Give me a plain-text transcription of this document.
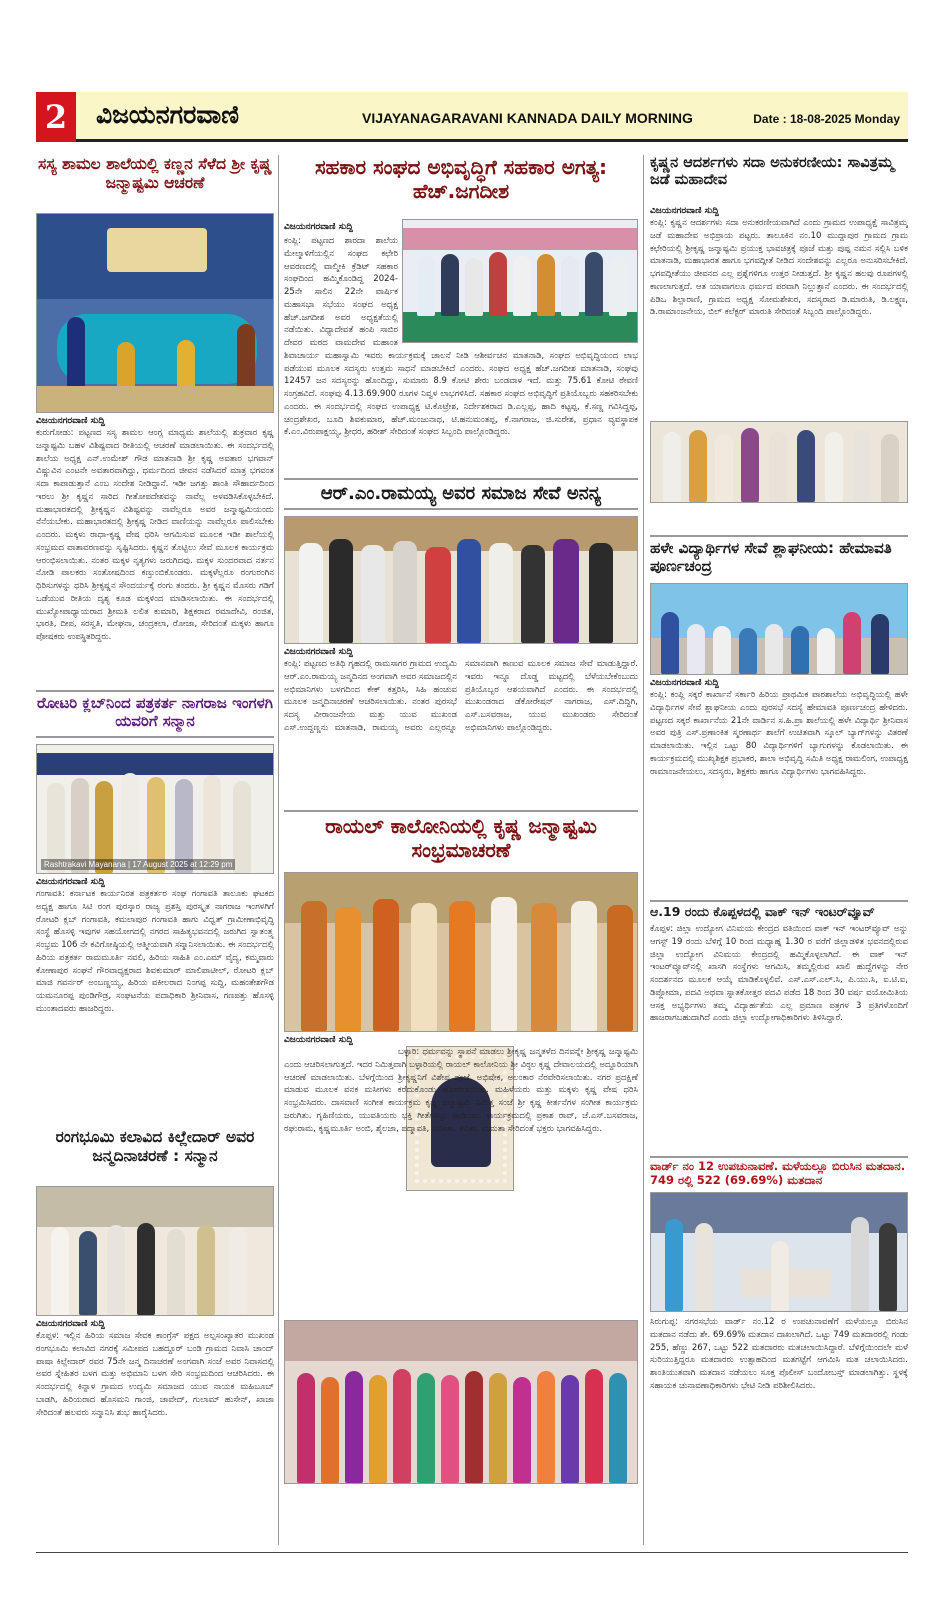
2	ವಿಜಯನಗರವಾಣಿ	VIJAYANAGARAVANI KANNADA DAILY MORNING	Date : 18-08-2025 Monday
ಸಸ್ಯ ಶಾಮಲ ಶಾಲೆಯಲ್ಲಿ ಕಣ್ಣನ ಸೆಳೆದ ಶ್ರೀ ಕೃಷ್ಣ ಜನ್ಮಾಷ್ಟಮಿ ಆಚರಣೆ
ವಿಜಯನಗರವಾಣಿ ಸುದ್ದಿ
ಕುರುಗೋಡು: ಪಟ್ಟಣದ ಸಸ್ಯ ಶಾಮಲ ಆಂಗ್ಲ ಮಾಧ್ಯಮ ಶಾಲೆಯಲ್ಲಿ ಶುಕ್ರವಾರ ಕೃಷ್ಣ ಜನ್ಮಾಷ್ಟಮಿ ಬಹಳ ವಿಶಿಷ್ಟವಾದ ರೀತಿಯಲ್ಲಿ ಆಚರಣೆ ಮಾಡಲಾಯಿತು. ಈ ಸಂದರ್ಭದಲ್ಲಿ ಶಾಲೆಯ ಅಧ್ಯಕ್ಷ ಎನ್.ಉಮೇಶ್ ಗೌಡ ಮಾತನಾಡಿ ಶ್ರೀ ಕೃಷ್ಣ ಅವತಾರ ಭಗವಾನ್ ವಿಷ್ಣುವಿನ ಎಂಟನೇ ಅವತಾರವಾಗಿದ್ದು, ಧರ್ಮದಿಂದ ಜೀವನ ನಡೆಸಿದರೆ ಮಾತ್ರ ಭಗವಂತ ಸದಾ ಕಾಪಾಡುತ್ತಾನೆ ಎಂಬ ಸಂದೇಶ ನೀಡಿದ್ದಾನೆ. ಇಡೀ ಜಗತ್ತು ಶಾಂತಿ ಸೌಹಾರ್ದದಿಂದ ಇರಲು ಶ್ರೀ ಕೃಷ್ಣನ ಸಾರಿದ ಗೀತೋಪದೇಶವನ್ನು ನಾವೆಲ್ಲ ಅಳವಡಿಸಿಕೊಳ್ಳಬೇಕಿದೆ. ಮಹಾಭಾರತದಲ್ಲಿ ಶ್ರೀಕೃಷ್ಣನ ವಿಶಿಷ್ಟವನ್ನು ನಾವೆಲ್ಲರೂ ಅವರ ಜನ್ಮಾಷ್ಟಮಿಯಂದು ನೆನೆಯಬೇಕು. ಮಹಾಭಾರತದಲ್ಲಿ ಶ್ರೀಕೃಷ್ಣ ನೀಡಿದ ವಾಣಿಯನ್ನು ನಾವೆಲ್ಲರೂ ಪಾಲಿಸಬೇಕು ಎಂದರು. ಮಕ್ಕಳು ರಾಧಾ-ಕೃಷ್ಣ ವೇಷ ಧರಿಸಿ ಆಗಮಿಸುವ ಮೂಲಕ ಇಡೀ ಶಾಲೆಯಲ್ಲಿ ಸಂಭ್ರಮದ ವಾತಾವರಣವನ್ನು ಸೃಷ್ಟಿಸಿದರು. ಕೃಷ್ಣನ ತೊಟ್ಟಿಲು ಸೇವೆ ಮೂಲಕ ಕಾರ್ಯಕ್ರಮ ಆರಂಭಿಸಲಾಯಿತು. ನಂತರ ಮಕ್ಕಳ ನೃತ್ಯಗಳು ಜರುಗಿದವು. ಮಕ್ಕಳ ಸುಂದರವಾದ ನರ್ತನ ನೋಡಿ ಪಾಲಕರು ಸಂತೋಷದಿಂದ ಕಣ್ತುಂಬಿಕೊಂಡರು. ಮಕ್ಕಳೆಲ್ಲರೂ ರಂಗುರಂಗಿನ ಧಿರಿಸುಗಳನ್ನು ಧರಿಸಿ ಶ್ರೀಕೃಷ್ಣನ ಸೌಂದರ್ಯಕ್ಕೆ ರಂಗು ತಂದರು. ಶ್ರೀ ಕೃಷ್ಣನ ಮೊಸರು ಗಡಿಗೆ ಒಡೆಯುವ ರೀತಿಯ ದೃಶ್ಯ ಕೂಡ ಮಕ್ಕಳಿಂದ ಮಾಡಿಸಲಾಯಿತು. ಈ ಸಂದರ್ಭದಲ್ಲಿ ಮುಖ್ಯೋಪಾಧ್ಯಾಯರಾದ ಶ್ರೀಮತಿ ಲಲಿತ ಕುಮಾರಿ, ಶಿಕ್ಷಕರಾದ ರಮಾದೇವಿ, ರಂಜಿತ, ಭಾರತಿ, ದೀಪ, ಸರಸ್ವತಿ, ಮೇಘನಾ, ಚಂದ್ರಕಲಾ, ರೋಜಾ, ಸೇರಿದಂತೆ ಮಕ್ಕಳು ಹಾಗೂ ಪೋಷಕರು ಉಪಸ್ಥಿತರಿದ್ದರು.
ರೋಟರಿ ಕ್ಲಬ್‌ನಿಂದ ಪತ್ರಕರ್ತ ನಾಗರಾಜ ಇಂಗಳಗಿ ಯವರಿಗೆ ಸನ್ಮಾನ
Rashtrakavi Mayanana | 17 August 2025 at 12:29 pm
ವಿಜಯನಗರವಾಣಿ ಸುದ್ದಿ
ಗಂಗಾವತಿ: ಕರ್ನಾಟಕ ಕಾರ್ಯನಿರತ ಪತ್ರಕರ್ತರ ಸಂಘ ಗಂಗಾವತಿ ತಾಲೂಕು ಘಟಕದ ಅಧ್ಯಕ್ಷ ಹಾಗೂ ಸಿಟಿ ರಂಗ ಪುರಸ್ಕಾರ ರಾಜ್ಯ ಪ್ರಶಸ್ತಿ ಪುರಸ್ಕೃತ ನಾಗರಾಜ ಇಂಗಳಗಿಗೆ ರೋಟರಿ ಕ್ಲಬ್ ಗಂಗಾವತಿ, ಕಮಲಾಪುರ ಗಂಗಾವತಿ ಹಾಗು ವಿಧ್ವತ್ ಗ್ರಾಮೀಣಾಭಿವೃದ್ಧಿ ಸಂಸ್ಥೆ ಹೊಸಳ್ಳಿ ಇವುಗಳ ಸಹಯೋಗದಲ್ಲಿ ನಗರದ ಸಾಹಿತ್ಯಭವನದಲ್ಲಿ ಜರುಗಿದ ಸ್ವಾತಂತ್ರ್ಯ ಸಂಭ್ರಮ 106 ನೇ ಕವಿಗೋಷ್ಠಿಯಲ್ಲಿ ಆತ್ಮೀಯವಾಗಿ ಸನ್ಮಾನಿಸಲಾಯಿತು. ಈ ಸಂದರ್ಭದಲ್ಲಿ ಹಿರಿಯ ಪತ್ರಕರ್ತ ರಾಮಮೂರ್ತಿ ನವಲಿ, ಹಿರಿಯ ಸಾಹಿತಿ ಎಂ.ಎಮ್ ವೈದ್ಯ, ಕಮ್ಮವಾರು ಕೋಣಾಪುರ ಸಂಘನೆ ಗೌರವಾಧ್ಯಕ್ಷರಾದ ಶಿವಕುಮಾರ್ ಮಾಲಿಪಾಟೀಲ್, ರೋಟರಿ ಕ್ಲಬ್ ಮಾಜಿ ಗವರ್ನರ್ ಅಂಬಣ್ಣಯ್ಯ, ಹಿರಿಯ ವಕೀಲರಾದ ನಿಂಗಪ್ಪ ಸುದ್ದಿ, ಮಹಂತೇಶಗೌಡ ಯಮನೂರಪ್ಪ ಪುಂಡಿಗೌಡ್ರ, ಸಂಘಟನೆಯ ಪದಾಧಿಕಾರಿ ಶ್ರೀನಿವಾಸ, ಗಣಪತ್ತು ಹೊಸಳ್ಳಿ ಮುಂತಾದವರು ಹಾಜರಿದ್ದರು.
ರಂಗಭೂಮಿ ಕಲಾವಿದ ಕಿಲ್ಲೇದಾರ್ ಅವರ ಜನ್ಮದಿನಾಚರಣೆ : ಸನ್ಮಾನ
ವಿಜಯನಗರವಾಣಿ ಸುದ್ದಿ
ಕೊಪ್ಪಳ: ಇಲ್ಲಿನ ಹಿರಿಯ ಸಮಾಜ ಸೇವಕ ಕಾಂಗ್ರೆಸ್ ಪಕ್ಷದ ಅಲ್ಪಸಂಖ್ಯಾತರ ಮುಖಂಡ ರಂಗಭೂಮಿ ಕಲಾವಿದ ನಗರಕ್ಕೆ ಸಮೀಪದ ಬಹದ್ದೂರ್ ಬಂಡಿ ಗ್ರಾಮದ ನಿವಾಸಿ ಚಾಂದ್ ಪಾಷಾ ಕಿಲ್ಲೇದಾರ್ ರವರ 75ನೇ ಜನ್ಮ ದಿನಾಚರಣೆ ಅಂಗವಾಗಿ ಸಂಜೆ ಅವರ ನಿವಾಸದಲ್ಲಿ ಅವರ ಸ್ನೇಹಿತರ ಬಳಗ ಮತ್ತು ಅಭಿಮಾನಿ ಬಳಗ ಸೇರಿ ಸಂಭ್ರಮದಿಂದ ಆಚರಿಸಿದರು. ಈ ಸಂದರ್ಭದಲ್ಲಿ ಕಿನ್ನಾಳ ಗ್ರಾಮದ ಉದ್ಯಮಿ ಸಮಾಜದ ಯುವ ನಾಯಕ ಮಹಿಬೂಬ್ ಬಾಡಗಿ, ಹಿರಿಯರಾದ ಹೊಸಮನಿ ಗಾಂಜಿ, ಜಾವೇದ್, ಗುಲಾಮ್ ಹುಸೇನ್, ಖಾಜಾ ಸೇರಿದಂತೆ ಹಲವರು ಸನ್ಮಾನಿಸಿ ಶುಭ ಹಾರೈಸಿದರು.
ಸಹಕಾರ ಸಂಘದ ಅಭಿವೃದ್ಧಿಗೆ ಸಹಕಾರ ಅಗತ್ಯ: ಹೆಚ್.ಜಗದೀಶ
ವಿಜಯನಗರವಾಣಿ ಸುದ್ದಿ
ಕಂಪ್ಲಿ: ಪಟ್ಟಣದ ಶಾರದಾ ಶಾಲೆಯ ಮೇಲ್ಮಾಳಿಗೆಯಲ್ಲಿನ ಸಂಘದ ಕಛೇರಿ ಆವರಣದಲ್ಲಿ ವಾಲ್ಮೀಕಿ ಕ್ರೆಡಿಟ್ ಸಹಕಾರ ಸಂಘದಿಂದ ಹಮ್ಮಿಕೊಂಡಿದ್ದ 2024-25ನೇ ಸಾಲಿನ 22ನೇ ವಾರ್ಷಿಕ ಮಹಾಸಭಾ ಸಭೆಯು ಸಂಘದ ಅಧ್ಯಕ್ಷ ಹೆಚ್.ಜಗದೀಶ ಅವರ ಅಧ್ಯಕ್ಷತೆಯಲ್ಲಿ ನಡೆಯಿತು. ವಿಧ್ಯಾದೇವತೆ ಹಂಪಿ ಸಾಬಿರ ದೇವರ ಮಠದ ವಾಮದೇವ ಮಹಾಂತ ಶಿವಾಚಾರ್ಯ ಮಹಾಸ್ವಾಮಿ ಇವರು ಕಾರ್ಯಕ್ರಮಕ್ಕೆ ಚಾಲನೆ ನೀಡಿ ಆಶೀರ್ವಚನ ಮಾತನಾಡಿ, ಸಂಘದ ಅಭಿವೃದ್ಧಿಯಂದ ಲಾಭ ಪಡೆಯುವ ಮೂಲಕ ಸದಸ್ಯರು ಉತ್ತಮ ಸಾಧನೆ ಮಾಡಬೇಕಿದೆ ಎಂದರು. ಸಂಘದ ಅಧ್ಯಕ್ಷ ಹೆಚ್.ಜಗದೀಶ ಮಾತನಾಡಿ, ಸಂಘವು 12457 ಜನ ಸದಸ್ಯರನ್ನು ಹೊಂದಿದ್ದು, ಸುಮಾರು 8.9 ಕೋಟಿ ಶೇರು ಬಂಡವಾಳ ಇದೆ. ಮತ್ತು 75.61 ಕೋಟಿ ಠೇವಣಿ ಸಂಗ್ರಹವಿದೆ. ಸಂಘವು 4.13.69.900 ರೂಗಳ ನಿವ್ವಳ ಲಾಭಗಳಿಸಿದೆ. ಸಹಕಾರ ಸಂಘದ ಅಭಿವೃದ್ಧಿಗೆ ಪ್ರತಿಯೊಬ್ಬರು ಸಹಕರಿಸಬೇಕು ಎಂದರು. ಈ ಸಂದರ್ಭದಲ್ಲಿ ಸಂಘದ ಉಪಾಧ್ಯಕ್ಷ ಟಿ.ಕೊಟ್ರೇಶ, ನಿರ್ದೇಶಕರಾದ ಡಿ.ಎಲ್ಲಪ್ಪ, ಹಾದಿ ಕಟ್ಟಪ್ಪ, ಕೆ.ಸಣ್ಣ ಗವಿಸಿದ್ದಪ್ಪ, ಚಂದ್ರಶೇಖರ, ಬೂದಿ ಶಿವಕುಮಾರ, ಹೆಚ್.ಮಂಜುನಾಥ, ಟಿ.ಹನುಮಂತಪ್ಪ, ಕೆ.ನಾಗರಾಜ, ಜಿ.ಸುರೇಶ, ಪ್ರಧಾನ ವ್ಯವಸ್ಥಾಪಕ ಕೆ.ಎಂ.ವಿರುಪಾಕ್ಷಯ್ಯ, ಶ್ರೀಧರ, ಹರೀಶ್ ಸೇರಿದಂತೆ ಸಂಘದ ಸಿಬ್ಬಂದಿ ಪಾಲ್ಗೊಂಡಿದ್ದರು.
ಆರ್.ಎಂ.ರಾಮಯ್ಯ ಅವರ ಸಮಾಜ ಸೇವೆ ಅನನ್ಯ
ವಿಜಯನಗರವಾಣಿ ಸುದ್ದಿ
ಕಂಪ್ಲಿ: ಪಟ್ಟಣದ ಅತಿಥಿ ಗೃಹದಲ್ಲಿ ರಾಮಸಾಗರ ಗ್ರಾಮದ ಉದ್ಯಮಿ ಆರ್.ಎಂ.ರಾಮಯ್ಯ ಜನ್ಮದಿನದ ಅಂಗವಾಗಿ ಅವರ ಸಮಾಜದಲ್ಲಿನ ಅಭಿಮಾನಿಗಳು ಬಳಗದಿಂದ ಕೇಕ್ ಕತ್ತರಿಸಿ, ಸಿಹಿ ಹಂಚುವ ಮೂಲಕ ಜನ್ಮದಿನಾಚರಣೆ ಆಚರಿಸಲಾಯಿತು. ನಂತರ ಪುರಸಭೆ ಸದಸ್ಯ ವೀರಾಂಜನೇಯ ಮತ್ತು ಯುವ ಮುಖಂಡ ಎಸ್.ಉದ್ದಣ್ಣನು ಮಾತನಾಡಿ, ರಾಮಯ್ಯ ಅವರು ಎಲ್ಲರನ್ನೂ ಸಮಾನವಾಗಿ ಕಾಣುವ ಮೂಲಕ ಸಮಾಜ ಸೇವೆ ಮಾಡುತ್ತಿದ್ದಾರೆ. ಇವರು ಇನ್ನೂ ದೊಡ್ಡ ಮಟ್ಟದಲ್ಲಿ ಬೆಳೆಯಬೇಕೆಂಬುದು ಪ್ರತಿಯೊಬ್ಬರ ಆಶಯವಾಗಿದೆ ಎಂದರು. ಈ ಸಂದರ್ಭದಲ್ಲಿ ಮುಖಂಡರಾದ ಡೆಕೋರೇಷನ್ ನಾಗರಾಜ, ಎಸ್.ದಿದ್ದಿಗಿ, ಎಸ್.ಬಸವರಾಜ, ಯುವ ಮುಖಂಡರು ಸೇರಿದಂತೆ ಅಭಿಮಾನಿಗಳು ಪಾಲ್ಗೊಂಡಿದ್ದರು.
ರಾಯಲ್ ಕಾಲೋನಿಯಲ್ಲಿ ಕೃಷ್ಣ ಜನ್ಮಾಷ್ಟಮಿ ಸಂಭ್ರಮಾಚರಣೆ
ವಿಜಯನಗರವಾಣಿ ಸುದ್ದಿ
ಬಳ್ಳಾರಿ: ಧರ್ಮವನ್ನು ಸ್ಥಾಪನೆ ಮಾಡಲು ಶ್ರೀಕೃಷ್ಣ ಜನ್ಮತಳೆದ ದಿನವನ್ನೇ ಶ್ರೀಕೃಷ್ಣ ಜನ್ಮಾಷ್ಟಮಿ ಎಂದು ಆಚರಿಸಲಾಗುತ್ತದೆ. ಇದರ ನಿಮಿತ್ತವಾಗಿ ಬಳ್ಳಾರಿಯಲ್ಲಿ ರಾಯಲ್ ಕಾಲೋನಿಯ ಶ್ರೀ ವಿಠ್ಠಲ ಕೃಷ್ಣ ದೇವಾಲಯದಲ್ಲಿ ಅದ್ದೂರಿಯಾಗಿ ಆಚರಣೆ ಮಾಡಲಾಯಿತು. ಬೆಳಗ್ಗೆಯಿಂದ ಶ್ರೀಕೃಷ್ಣನಿಗೆ ವಿಶೇಷ ಪೂಜೆ, ಅಭಿಷೇಕ, ಅಲಂಕಾರ ನೆರವೇರಿಸಲಾಯಿತು. ನಗರ ಪ್ರದಕ್ಷಿಣೆ ಮಾಡುವ ಮೂಲಕ ವನಕ ಮಸೀಗಳು ಕರೆದುಕೊಂಡು ಹೋಗಲಾಯಿತು. ಮಹಿಳೆಯರು ಮತ್ತು ಮಕ್ಕಳು ಕೃಷ್ಣ ವೇಷ ಧರಿಸಿ ಸಂಭ್ರಮಿಸಿದರು. ದಾಸವಾಣಿ ಸಂಗೀತ ಕಾರ್ಯಕ್ರಮ ಕೃಷ್ಣ ಜನ್ಮಾಷ್ಟಮಿ ನಿಮಿತ್ತ ಸಂಜೆ ಶ್ರೀ ಕೃಷ್ಣ ಕೀರ್ತನೆಗಳ ಸಂಗೀತ ಕಾರ್ಯಕ್ರಮ ಜರುಗಿತು. ಗೃಹಿಣಿಯರು, ಯುವತಿಯರು ಭಕ್ತಿ ಗೀತೆಗಳನ್ನು ಹಾಡಿದರು. ಕಾರ್ಯಕ್ರಮದಲ್ಲಿ ಪ್ರಕಾಶ ರಾವ್, ಜೆ.ಎಸ್.ಬಸವರಾಜ, ರಘುರಾಮ, ಕೃಷ್ಣಮೂರ್ತಿ ಅಂಬಿ, ಶೈಲಜಾ, ಪದ್ಮಾವತಿ, ಸುನೀತಾ, ಕವಿತಾ, ಮಮತಾ ಸೇರಿದಂತೆ ಭಕ್ತರು ಭಾಗವಹಿಸಿದ್ದರು.
ಕೃಷ್ಣನ ಆದರ್ಶಗಳು ಸದಾ ಅನುಕರಣೀಯ: ಸಾವಿತ್ರಮ್ಮ ಜಡೆ ಮಹಾದೇವ
ವಿಜಯನಗರವಾಣಿ ಸುದ್ದಿ
ಕಂಪ್ಲಿ: ಕೃಷ್ಣನ ಆದರ್ಶಗಳು ಸದಾ ಅನುಕರಣೀಯವಾಗಿದೆ ಎಂದು ಗ್ರಾಮದ ಉಪಾಧ್ಯಕ್ಷೆ ಸಾವಿತ್ರಮ್ಮ ಜಡೆ ಮಹಾದೇವ ಅಭಿಪ್ರಾಯ ಪಟ್ಟರು. ತಾಲೂಕಿನ ನಂ.10 ಮುದ್ದಾಪುರ ಗ್ರಾಮದ ಗ್ರಾಮ ಕಛೇರಿಯಲ್ಲಿ ಶ್ರೀಕೃಷ್ಣ ಜನ್ಮಾಷ್ಟಮಿ ಪ್ರಯುಕ್ತ ಭಾವಚಿತ್ರಕ್ಕೆ ಪೂಜೆ ಮತ್ತು ಪುಷ್ಪ ನಮನ ಸಲ್ಲಿಸಿ ಬಳಿಕ ಮಾತನಾಡಿ, ಮಹಾಭಾರತ ಹಾಗೂ ಭಗವದ್ಗೀತೆ ನೀಡಿದ ಸಂದೇಶವನ್ನು ಎಲ್ಲರೂ ಅನುಸರಿಸಬೇಕಿದೆ. ಭಗವದ್ಗೀತೆಯು ಜೀವನದ ಎಲ್ಲ ಪ್ರಶ್ನೆಗಳಿಗೂ ಉತ್ತರ ನೀಡುತ್ತದೆ. ಶ್ರೀ ಕೃಷ್ಣನ ಹಲವು ರೂಪಗಳಲ್ಲಿ ಕಾಣಲಾಗುತ್ತದೆ. ಆತ ಯಾವಾಗಲೂ ಧರ್ಮದ ಪರವಾಗಿ ನಿಲ್ಲುತ್ತಾನೆ ಎಂದರು. ಈ ಸಂದರ್ಭದಲ್ಲಿ ಪಿಡಿಒ ಶಿಲ್ಪಾರಾಣಿ, ಗ್ರಾಮದ ಅಧ್ಯಕ್ಷ ಸೋಮಶೇಖರ, ಸದಸ್ಯರಾದ ಡಿ.ಮಾರುತಿ, ಡಿ.ಲಕ್ಷ್ಮಣ, ಡಿ.ರಾಮಾಂಜನೇಯ, ಬಿಲ್ ಕಲೆಕ್ಟರ್ ಮಾರುತಿ ಸೇರಿದಂತೆ ಸಿಬ್ಬಂದಿ ಪಾಲ್ಗೊಂಡಿದ್ದರು.
ಹಳೇ ವಿದ್ಯಾರ್ಥಿಗಳ ಸೇವೆ ಶ್ಲಾಘನೀಯ: ಹೇಮಾವತಿ ಪೂರ್ಣಚಂದ್ರ
ವಿಜಯನಗರವಾಣಿ ಸುದ್ದಿ
ಕಂಪ್ಲಿ: ಕಂಪ್ಲಿ ಸಕ್ಕರೆ ಕಾರ್ಖಾನೆ ಸರ್ಕಾರಿ ಹಿರಿಯ ಪ್ರಾಥಮಿಕ ಪಾಠಶಾಲೆಯ ಅಭಿವೃದ್ಧಿಯಲ್ಲಿ ಹಳೇ ವಿದ್ಯಾರ್ಥಿಗಳ ಸೇವೆ ಶ್ಲಾಘನೀಯ ಎಂದು ಪುರಸಭೆ ಸದಸ್ಯೆ ಹೇಮಾವತಿ ಪೂರ್ಣಚಂದ್ರ ಹೇಳಿದರು. ಪಟ್ಟಣದ ಸಕ್ಕರೆ ಕಾರ್ಖಾನೆಯ 21ನೇ ವಾರ್ಡಿನ ಸ.ಹಿ.ಪ್ರಾ ಶಾಲೆಯಲ್ಲಿ ಹಳೇ ವಿದ್ಯಾರ್ಥಿ ಶ್ರೀನಿವಾಸ ಅವರ ಪುತ್ರಿ ಎಸ್.ಪ್ರಣಾಂಕಿತ ಸ್ಮರಣಾರ್ಥ ಶಾಲೆಗೆ ಉಚಿತವಾಗಿ ಸ್ಕೂಲ್ ಬ್ಯಾಗ್‌ಗಳನ್ನು ವಿತರಣೆ ಮಾಡಲಾಯಿತು. ಇಲ್ಲಿನ ಒಟ್ಟು 80 ವಿದ್ಯಾರ್ಥಿಗಳಿಗೆ ಬ್ಯಾಗುಗಳನ್ನು ಕೊಡಲಾಯಿತು. ಈ ಕಾರ್ಯಕ್ರಮದಲ್ಲಿ ಮುಖ್ಯಶಿಕ್ಷಕ ಪ್ರಭಾಕರ, ಶಾಲಾ ಅಭಿವೃದ್ಧಿ ಸಮಿತಿ ಅಧ್ಯಕ್ಷ ರಾಮಲಿಂಗ, ಉಪಾಧ್ಯಕ್ಷ ರಾಮಾಂಜನೇಯಲು, ಸದಸ್ಯರು, ಶಿಕ್ಷಕರು ಹಾಗೂ ವಿದ್ಯಾರ್ಥಿಗಳು ಭಾಗವಹಿಸಿದ್ದರು.
ಆ.19 ರಂದು ಕೊಪ್ಪಳದಲ್ಲಿ ವಾಕ್ ಇನ್ ಇಂಟರ್‌ವ್ಯೂವ್
ಕೊಪ್ಪಳ: ಜಿಲ್ಲಾ ಉದ್ಯೋಗ ವಿನಿಮಯ ಕೇಂದ್ರದ ವತಿಯಿಂದ ವಾಕ್ ಇನ್ ಇಂಟರ್‌ವ್ಯೂವ್ ಅನ್ನು ಆಗಸ್ಟ್ 19 ರಂದು ಬೆಳಿಗ್ಗೆ 10 ರಿಂದ ಮಧ್ಯಾಹ್ನ 1.30 ರ ವರೆಗೆ ಜಿಲ್ಲಾಡಳಿತ ಭವನದಲ್ಲಿರುವ ಜಿಲ್ಲಾ ಉದ್ಯೋಗ ವಿನಿಮಯ ಕೇಂದ್ರದಲ್ಲಿ ಹಮ್ಮಿಕೊಳ್ಳಲಾಗಿದೆ. ಈ ವಾಕ್ ಇನ್ ಇಂಟರ್‌ವ್ಯೂವ್‌ನಲ್ಲಿ ಖಾಸಗಿ ಸಂಸ್ಥೆಗಳು ಆಗಮಿಸಿ, ತಮ್ಮಲ್ಲಿರುವ ಖಾಲಿ ಹುದ್ದೆಗಳನ್ನು ನೇರ ಸಂದರ್ಶನದ ಮೂಲಕ ಆಯ್ಕೆ ಮಾಡಿಕೊಳ್ಳಲಿವೆ. ಎಸ್.ಎಸ್.ಎಲ್.ಸಿ, ಪಿ.ಯು.ಸಿ, ಐ.ಟಿ.ಐ, ಡಿಪ್ಲೋಮಾ, ಪದವಿ ಅಥವಾ ಸ್ನಾತಕೋತ್ತರ ಪದವಿ ಪಡೆದ 18 ರಿಂದ 30 ವರ್ಷ ವಯೋಮಿತಿಯ ಆಸಕ್ತ ಅಭ್ಯರ್ಥಿಗಳು ತಮ್ಮ ವಿದ್ಯಾರ್ಹತೆಯ ಎಲ್ಲ ಪ್ರಮಾಣ ಪತ್ರಗಳ 3 ಪ್ರತಿಗಳೊಂದಿಗೆ ಹಾಜರಾಗಬಹುದಾಗಿದೆ ಎಂದು ಜಿಲ್ಲಾ ಉದ್ಯೋಗಾಧಿಕಾರಿಗಳು ತಿಳಿಸಿದ್ದಾರೆ.
ವಾರ್ಡ್ ನಂ 12 ಉಪಚುನಾವಣೆ. ಮಳೆಯಲ್ಲೂ ಬಿರುಸಿನ ಮತದಾನ. 749 ರಲ್ಲಿ 522 (69.69%) ಮತದಾನ
ಸಿರುಗುಪ್ಪ: ನಗರಸಭೆಯ ವಾರ್ಡ್ ನಂ.12 ರ ಉಪಚುನಾವಣೆಗೆ ಮಳೆಯಲ್ಲೂ ಬಿರುಸಿನ ಮತದಾನ ನಡೆದು ಶೇ. 69.69% ಮತದಾನ ದಾಖಲಾಗಿದೆ. ಒಟ್ಟು 749 ಮತದಾರರಲ್ಲಿ ಗಂಡು 255, ಹೆಣ್ಣು 267, ಒಟ್ಟು 522 ಮತದಾರರು ಮತಚಲಾಯಿಸಿದ್ದಾರೆ. ಬೆಳಿಗ್ಗೆಯಿಂದಲೇ ಮಳೆ ಸುರಿಯುತ್ತಿದ್ದರೂ ಮತದಾರರು ಉತ್ಸಾಹದಿಂದ ಮತಗಟ್ಟೆಗೆ ಆಗಮಿಸಿ ಮತ ಚಲಾಯಿಸಿದರು. ಶಾಂತಿಯುತವಾಗಿ ಮತದಾನ ನಡೆಯಲು ಸೂಕ್ತ ಪೊಲೀಸ್ ಬಂದೋಬಸ್ತ್ ಮಾಡಲಾಗಿತ್ತು. ಸ್ಥಳಕ್ಕೆ ಸಹಾಯಕ ಚುನಾವಣಾಧಿಕಾರಿಗಳು ಭೇಟಿ ನೀಡಿ ಪರಿಶೀಲಿಸಿದರು.
